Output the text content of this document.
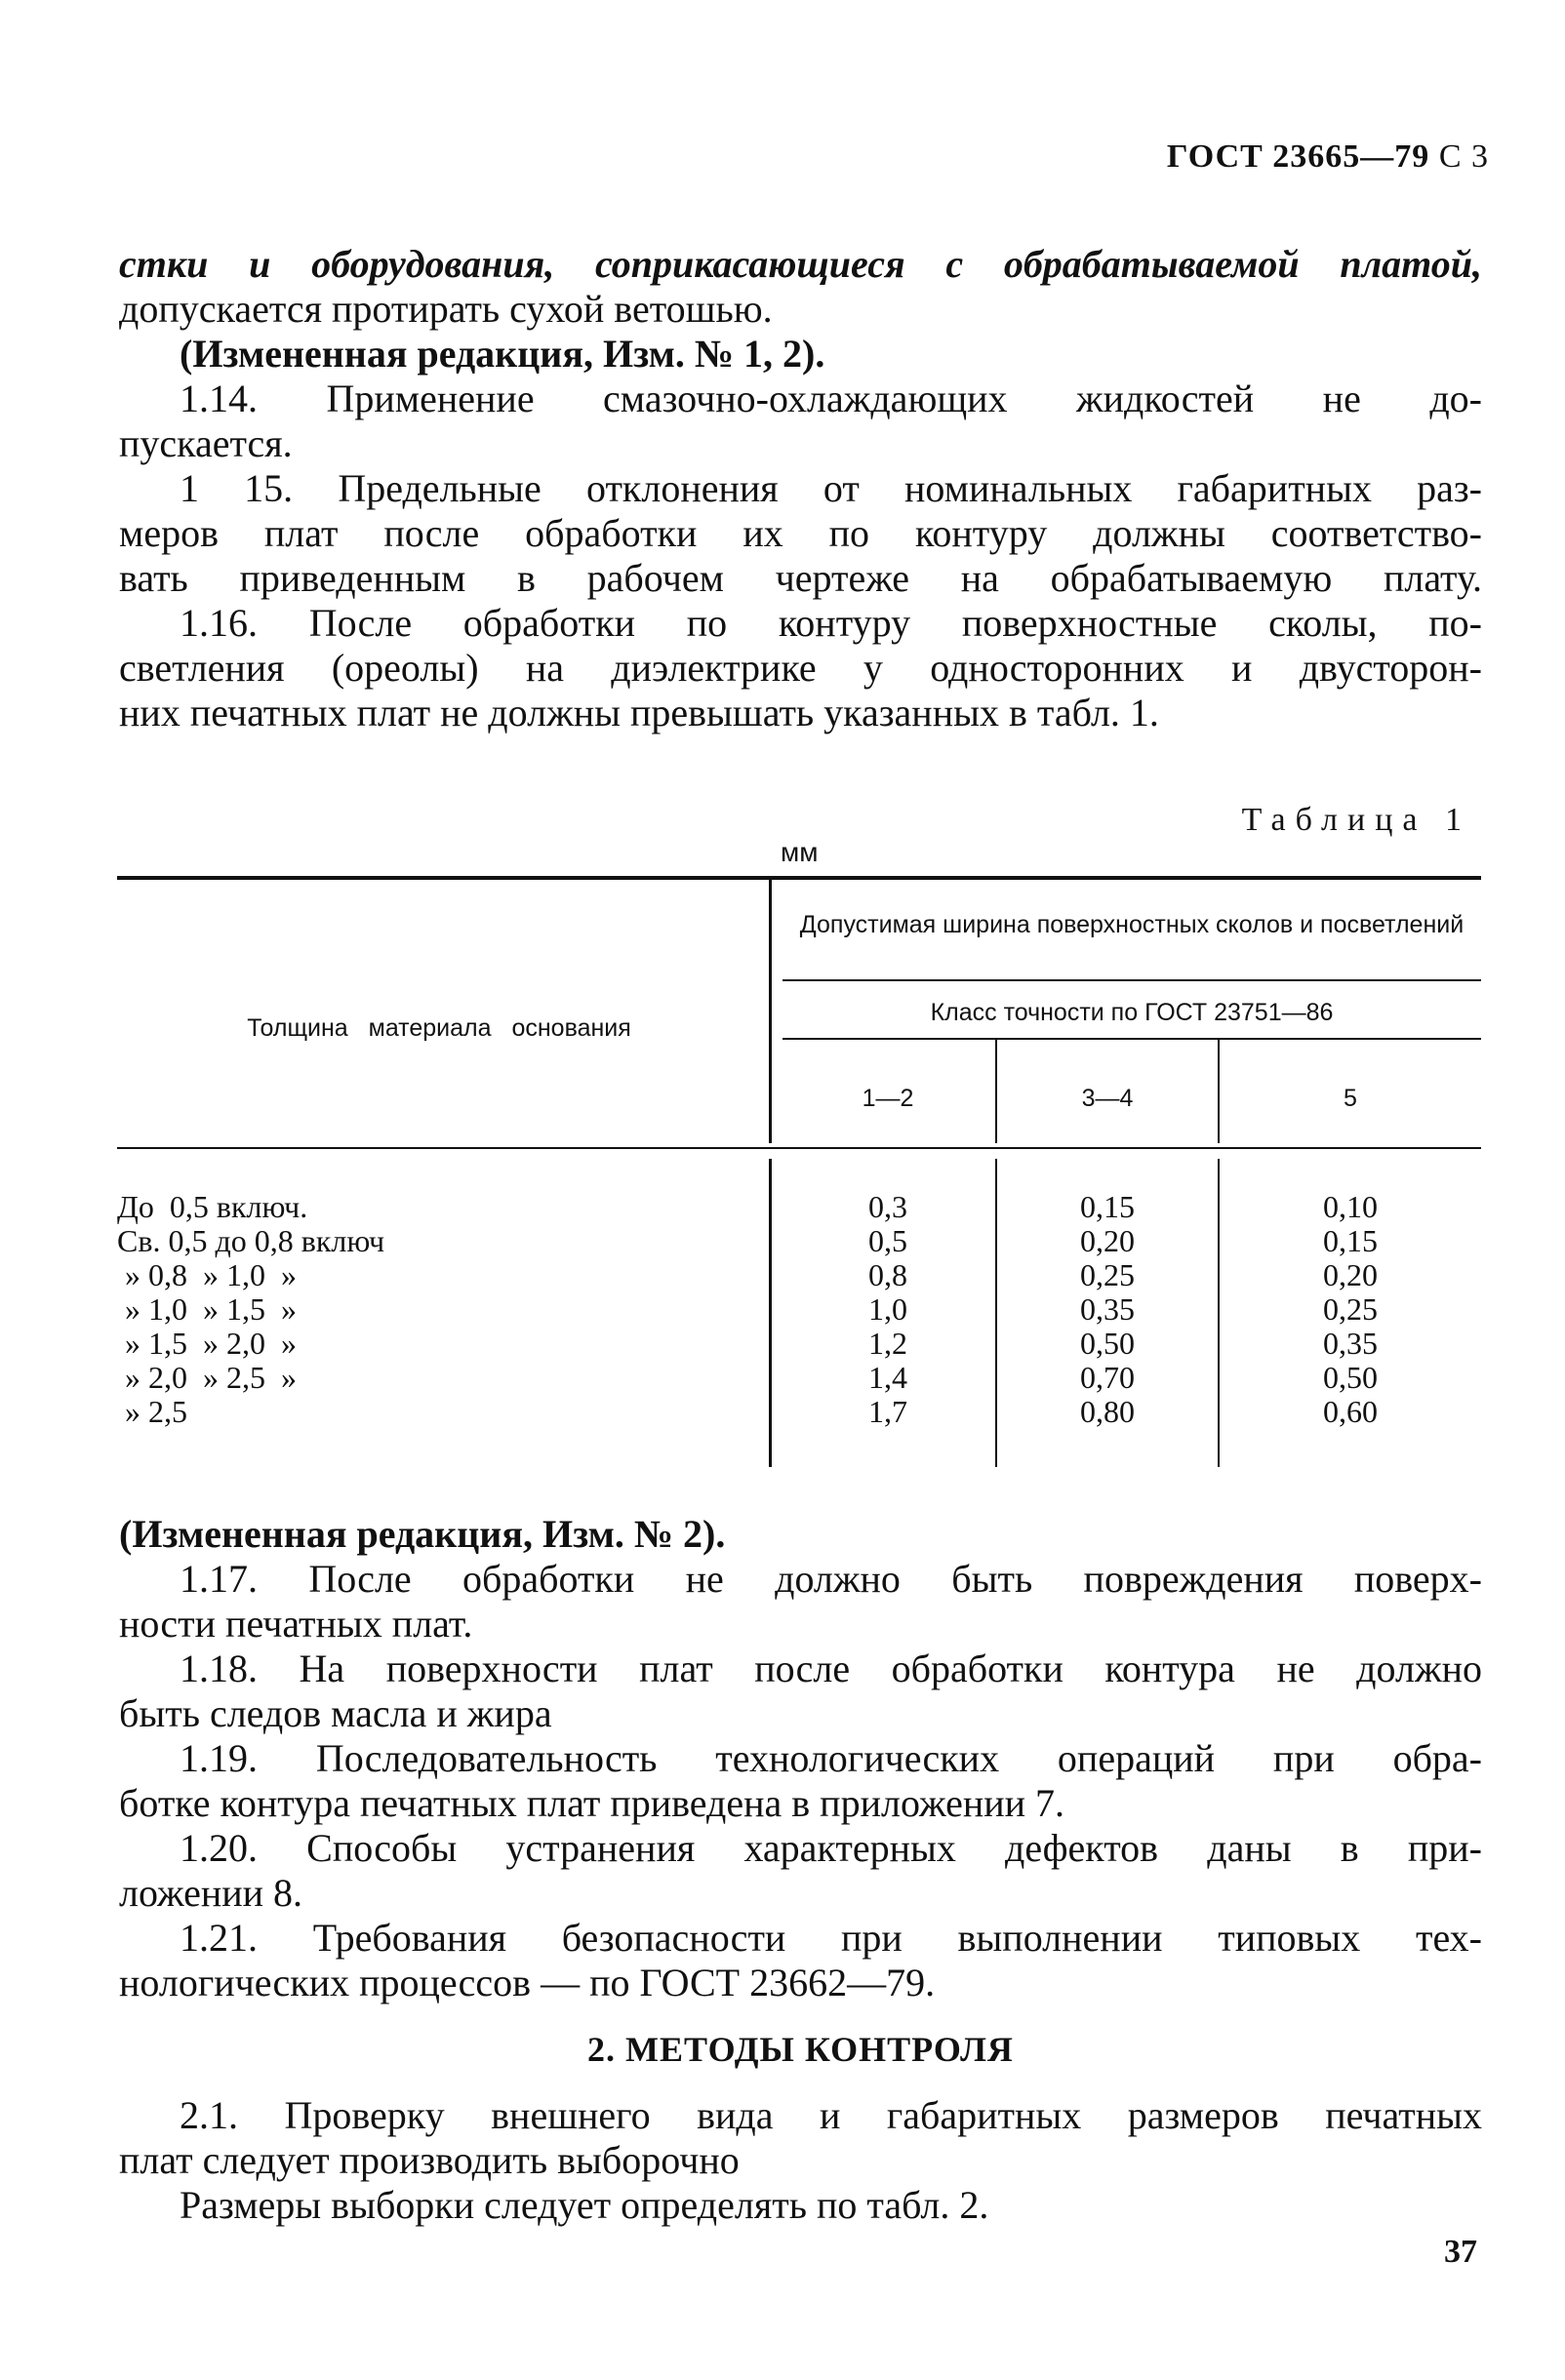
ГОСТ 23665—79 С 3
стки и оборудования, соприкасающиеся с обрабатываемой платой,
допускается протирать сухой ветошью.
(Измененная редакция, Изм. № 1, 2).
1.14. Применение смазочно-охлаждающих жидкостей не до-
пускается.
1 15. Предельные отклонения от номинальных габаритных раз-
меров плат после обработки их по контуру должны соответство-
вать приведенным в рабочем чертеже на обрабатываемую плату.
1.16. После обработки по контуру поверхностные сколы, по-
светления (ореолы) на диэлектрике у односторонних и двусторон-
них печатных плат не должны превышать указанных в табл. 1.
Таблица 1
мм
Допустимая ширина поверхностных сколов и посветлений
Класс точности по ГОСТ 23751—86
Толщина материала основания
1—2	3—4	5
До  0,5 включ.
Св. 0,5 до 0,8 включ
» 0,8  » 1,0  »
» 1,0  » 1,5  »
» 1,5  » 2,0  »
» 2,0  » 2,5  »
» 2,5
0,3
0,5
0,8
1,0
1,2
1,4
1,7
0,15
0,20
0,25
0,35
0,50
0,70
0,80
0,10
0,15
0,20
0,25
0,35
0,50
0,60
(Измененная редакция, Изм. № 2).
1.17. После обработки не должно быть повреждения поверх-
ности печатных плат.
1.18. На поверхности плат после обработки контура не должно
быть следов масла и жира
1.19. Последовательность технологических операций при обра-
ботке контура печатных плат приведена в приложении 7.
1.20. Способы устранения характерных дефектов даны в при-
ложении 8.
1.21. Требования безопасности при выполнении типовых тех-
нологических процессов — по ГОСТ 23662—79.
2. МЕТОДЫ КОНТРОЛЯ
2.1. Проверку внешнего вида и габаритных размеров печатных
плат следует производить выборочно
Размеры выборки следует определять по табл. 2.
37
